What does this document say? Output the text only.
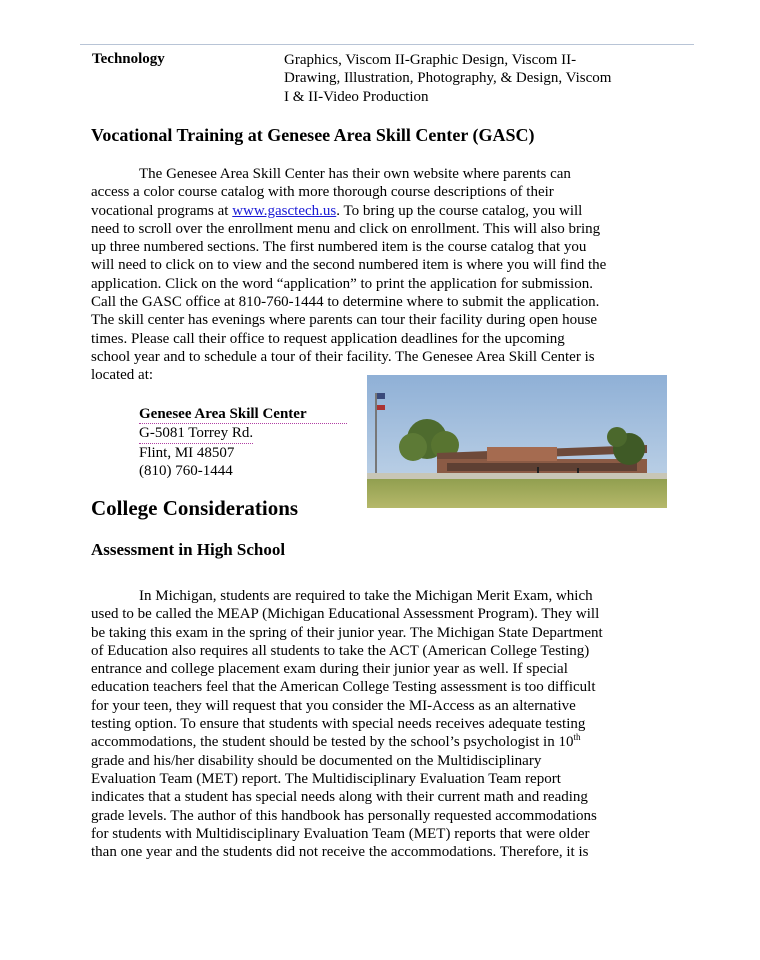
Technology	Graphics, Viscom II-Graphic Design, Viscom II-
Drawing, Illustration, Photography, & Design, Viscom
I & II-Video Production
Vocational Training at Genesee Area Skill Center (GASC)
The Genesee Area Skill Center has their own website where parents can
access a color course catalog with more thorough course descriptions of their
vocational programs at www.gasctech.us. To bring up the course catalog, you will
need to scroll over the enrollment menu and click on enrollment. This will also bring
up three numbered sections. The first numbered item is the course catalog that you
will need to click on to view and the second numbered item is where you will find the
application. Click on the word “application” to print the application for submission.
Call the GASC office at 810-760-1444 to determine where to submit the application.
The skill center has evenings where parents can tour their facility during open house
times. Please call their office to request application deadlines for the upcoming
school year and to schedule a tour of their facility. The Genesee Area Skill Center is
located at:
Genesee Area Skill Center
G-5081 Torrey Rd.
Flint, MI 48507
(810) 760-1444
College Considerations
Assessment in High School
In Michigan, students are required to take the Michigan Merit Exam, which
used to be called the MEAP (Michigan Educational Assessment Program). They will
be taking this exam in the spring of their junior year. The Michigan State Department
of Education also requires all students to take the ACT (American College Testing)
entrance and college placement exam during their junior year as well. If special
education teachers feel that the American College Testing assessment is too difficult
for your teen, they will request that you consider the MI-Access as an alternative
testing option. To ensure that students with special needs receives adequate testing
accommodations, the student should be tested by the school’s psychologist in 10th
grade and his/her disability should be documented on the Multidisciplinary
Evaluation Team (MET) report. The Multidisciplinary Evaluation Team report
indicates that a student has special needs along with their current math and reading
grade levels. The author of this handbook has personally requested accommodations
for students with Multidisciplinary Evaluation Team (MET) reports that were older
than one year and the students did not receive the accommodations. Therefore, it is
